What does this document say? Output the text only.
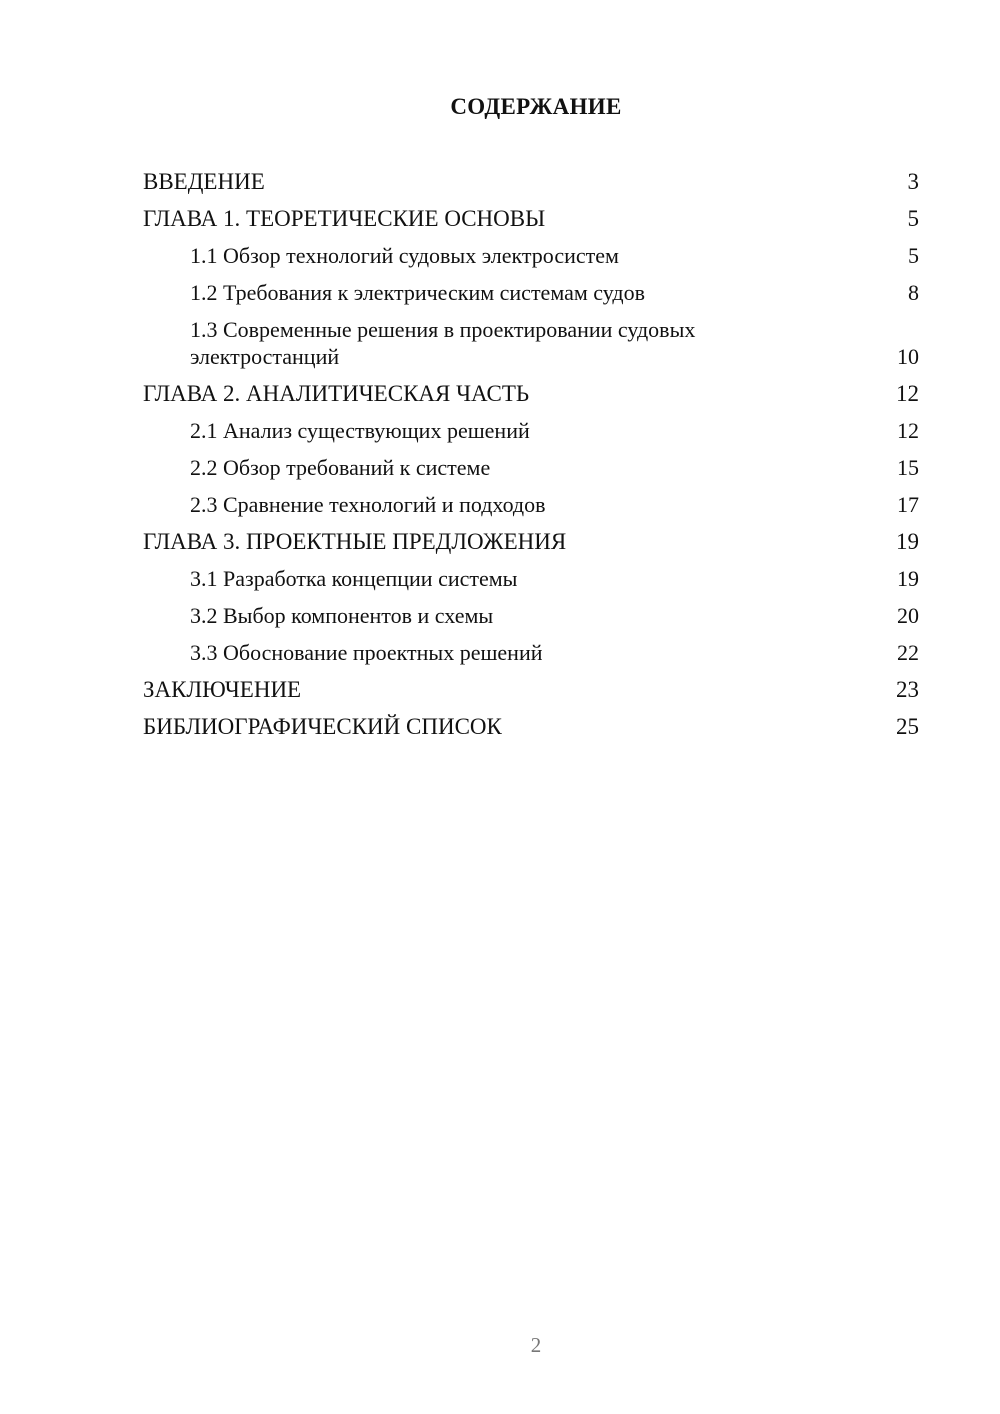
СОДЕРЖАНИЕ
ВВЕДЕНИЕ	3
ГЛАВА 1. ТЕОРЕТИЧЕСКИЕ ОСНОВЫ	5
1.1 Обзор технологий судовых электросистем	5
1.2 Требования к электрическим системам судов	8
1.3 Современные решения в проектировании судовых электростанций	10
ГЛАВА 2. АНАЛИТИЧЕСКАЯ ЧАСТЬ	12
2.1 Анализ существующих решений	12
2.2 Обзор требований к системе	15
2.3 Сравнение технологий и подходов	17
ГЛАВА 3. ПРОЕКТНЫЕ ПРЕДЛОЖЕНИЯ	19
3.1 Разработка концепции системы	19
3.2 Выбор компонентов и схемы	20
3.3 Обоснование проектных решений	22
ЗАКЛЮЧЕНИЕ	23
БИБЛИОГРАФИЧЕСКИЙ СПИСОК	25
2
